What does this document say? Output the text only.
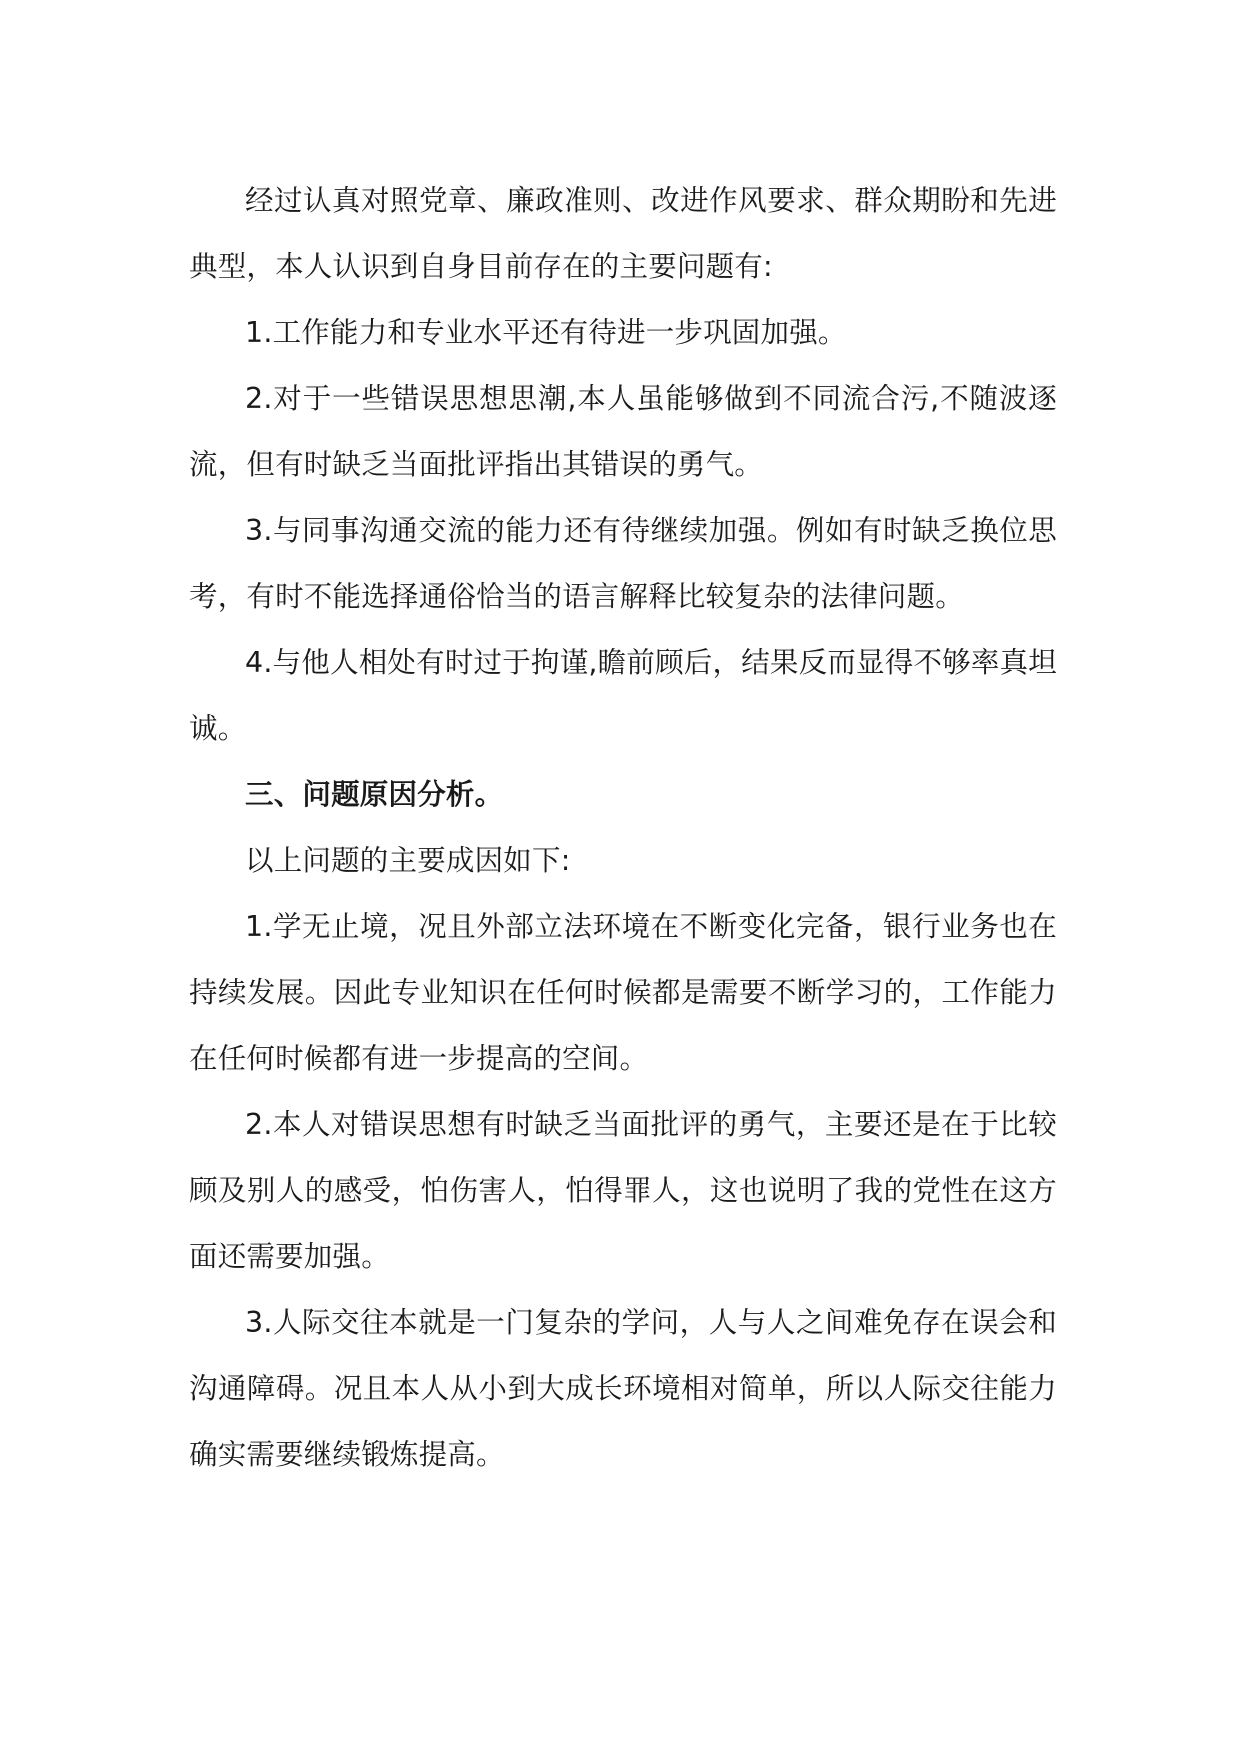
经过认真对照党章、廉政准则、改进作风要求、群众期盼和先进典型，本人认识到自身目前存在的主要问题有:

1.工作能力和专业水平还有待进一步巩固加强。

2.对于一些错误思想思潮,本人虽能够做到不同流合污,不随波逐流，但有时缺乏当面批评指出其错误的勇气。

3.与同事沟通交流的能力还有待继续加强。例如有时缺乏换位思考，有时不能选择通俗恰当的语言解释比较复杂的法律问题。

4.与他人相处有时过于拘谨,瞻前顾后，结果反而显得不够率真坦诚。

三、问题原因分析。

以上问题的主要成因如下:

1.学无止境，况且外部立法环境在不断变化完备，银行业务也在持续发展。因此专业知识在任何时候都是需要不断学习的，工作能力在任何时候都有进一步提高的空间。

2.本人对错误思想有时缺乏当面批评的勇气，主要还是在于比较顾及别人的感受，怕伤害人，怕得罪人，这也说明了我的党性在这方面还需要加强。

3.人际交往本就是一门复杂的学问，人与人之间难免存在误会和沟通障碍。况且本人从小到大成长环境相对简单，所以人际交往能力确实需要继续锻炼提高。
